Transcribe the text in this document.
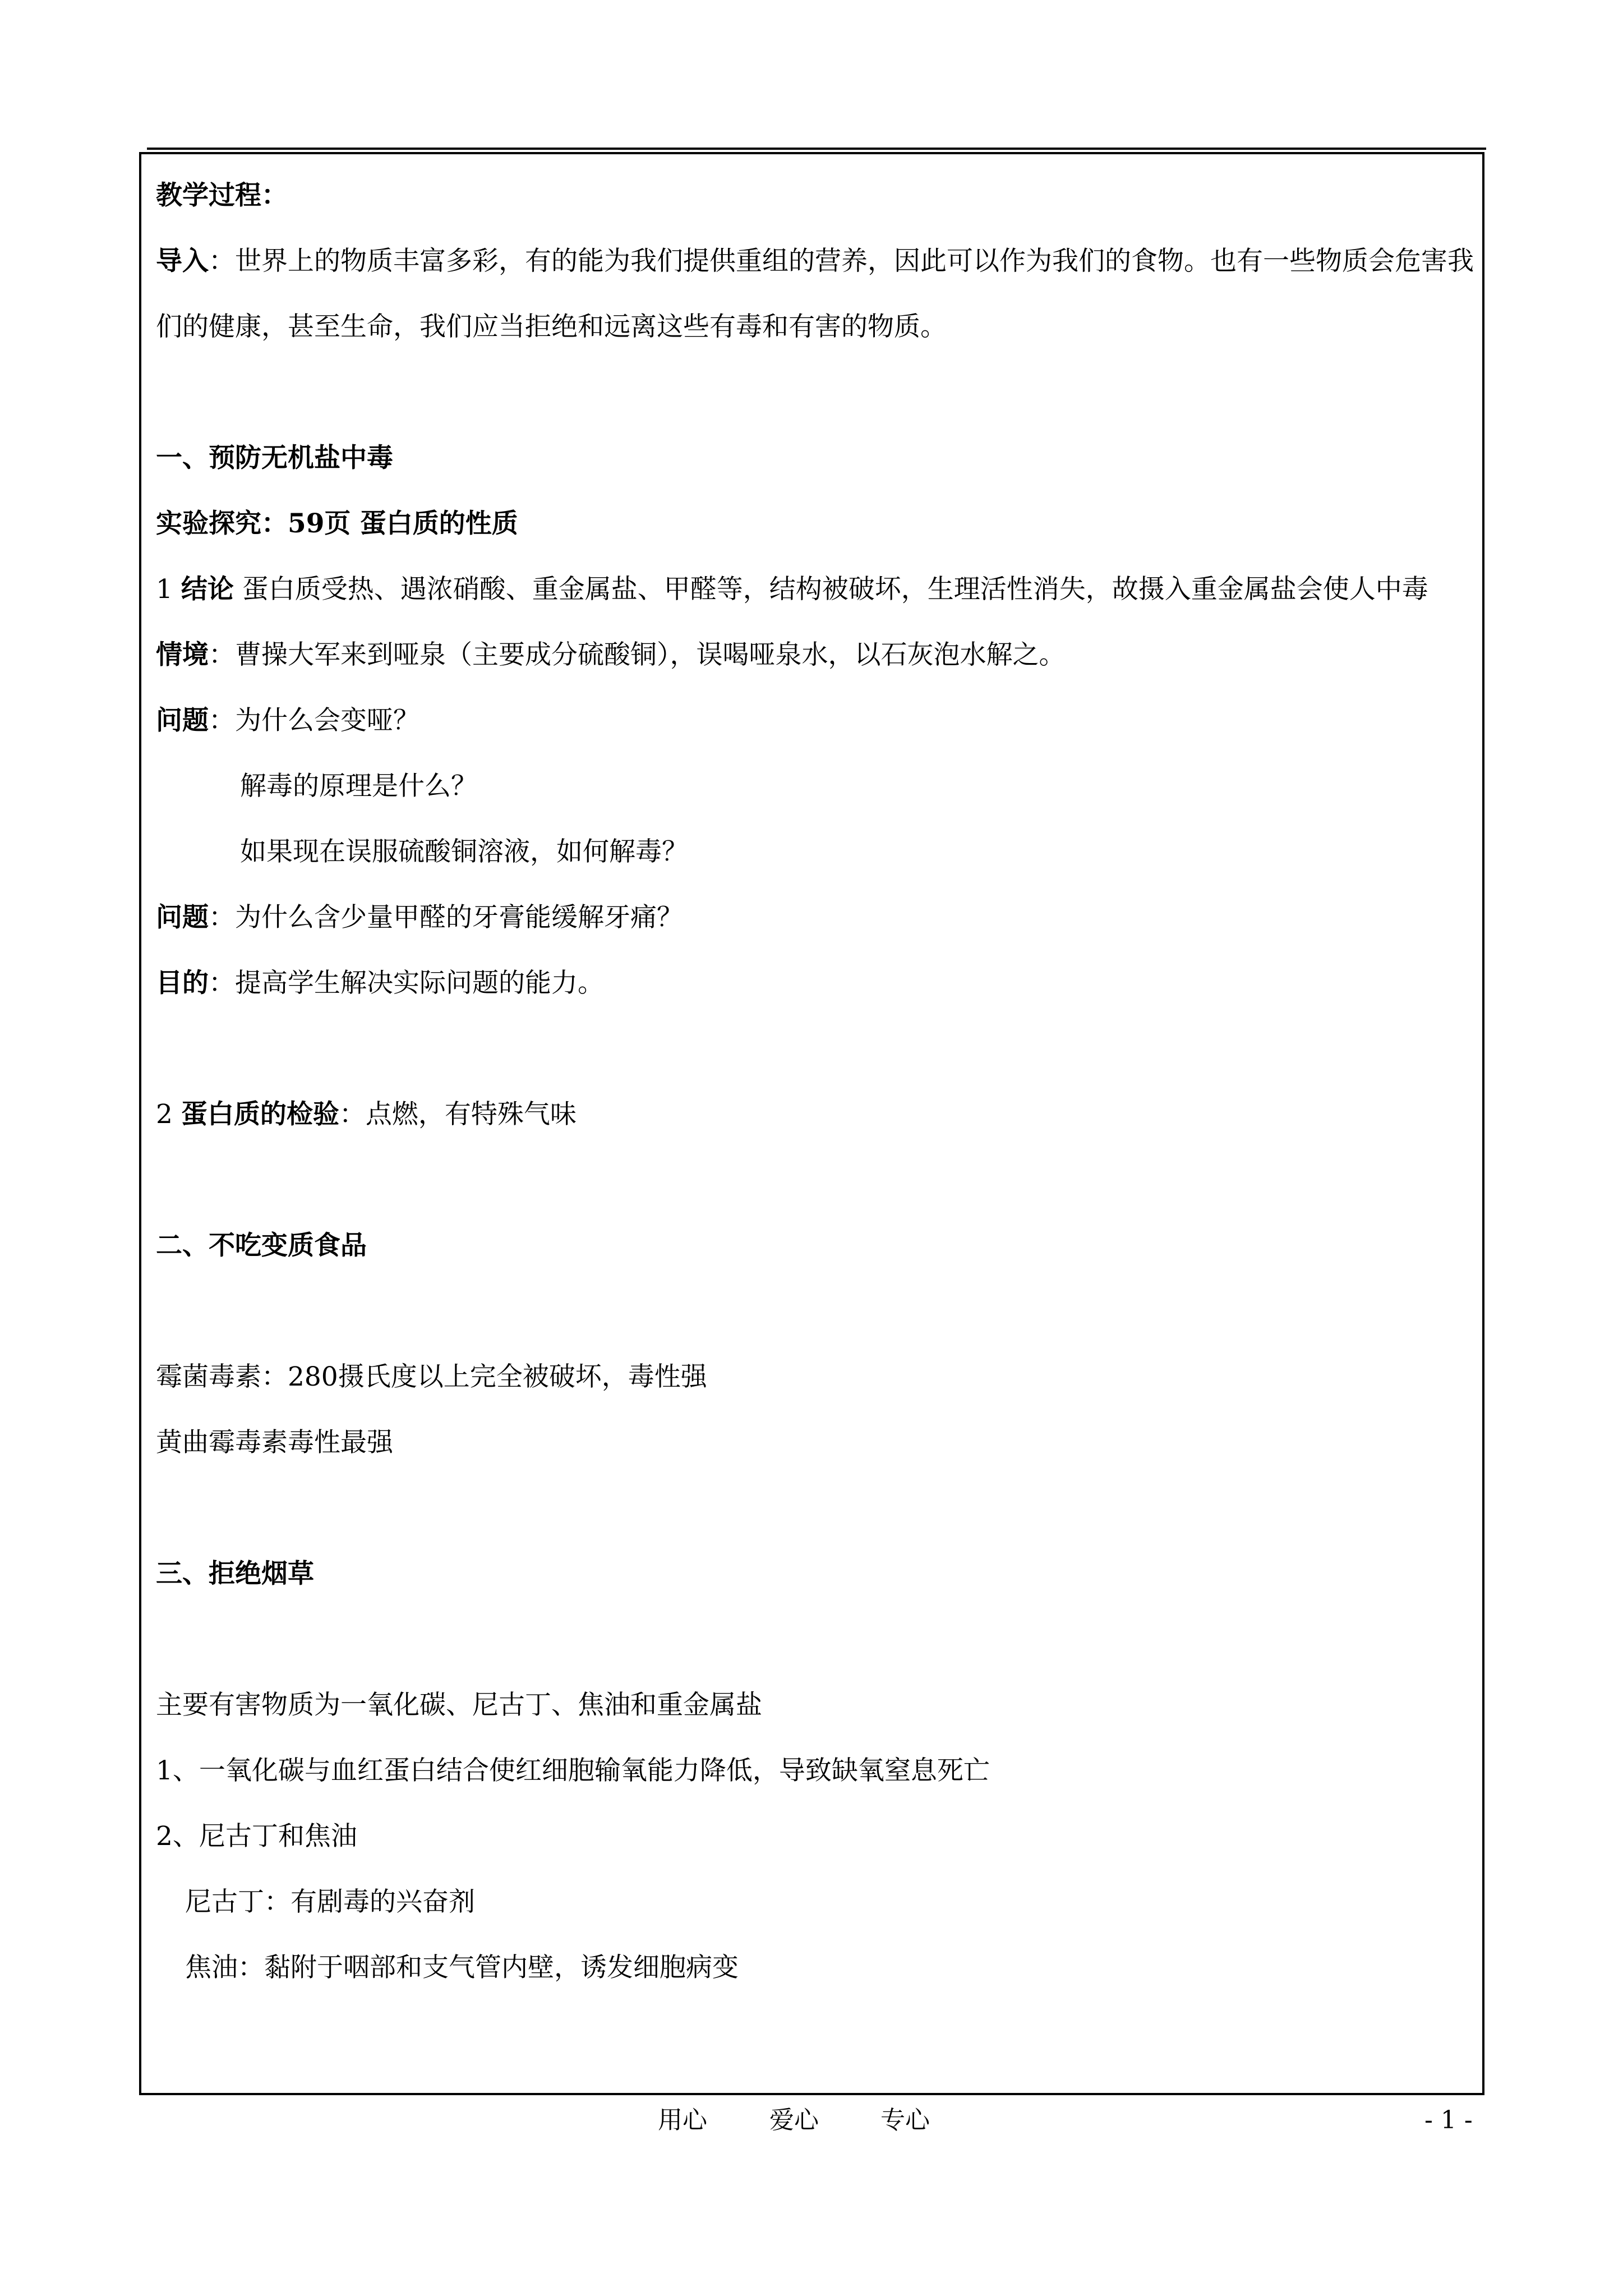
教学过程：
导入：世界上的物质丰富多彩，有的能为我们提供重组的营养，因此可以作为我们的食物。也有一些物质会危害我们的健康，甚至生命，我们应当拒绝和远离这些有毒和有害的物质。
一、预防无机盐中毒
实验探究：59页 蛋白质的性质
1 结论 蛋白质受热、遇浓硝酸、重金属盐、甲醛等，结构被破坏，生理活性消失，故摄入重金属盐会使人中毒
情境：曹操大军来到哑泉（主要成分硫酸铜），误喝哑泉水，以石灰泡水解之。
问题：为什么会变哑？
解毒的原理是什么？
如果现在误服硫酸铜溶液，如何解毒？
问题：为什么含少量甲醛的牙膏能缓解牙痛？
目的：提高学生解决实际问题的能力。
2 蛋白质的检验：点燃，有特殊气味
二、不吃变质食品
霉菌毒素：280摄氏度以上完全被破坏，毒性强
黄曲霉毒素毒性最强
三、拒绝烟草
主要有害物质为一氧化碳、尼古丁、焦油和重金属盐
1、一氧化碳与血红蛋白结合使红细胞输氧能力降低，导致缺氧窒息死亡
2、尼古丁和焦油
尼古丁：有剧毒的兴奋剂
焦油：黏附于咽部和支气管内壁，诱发细胞病变
用心	爱心	专心	- 1 -
